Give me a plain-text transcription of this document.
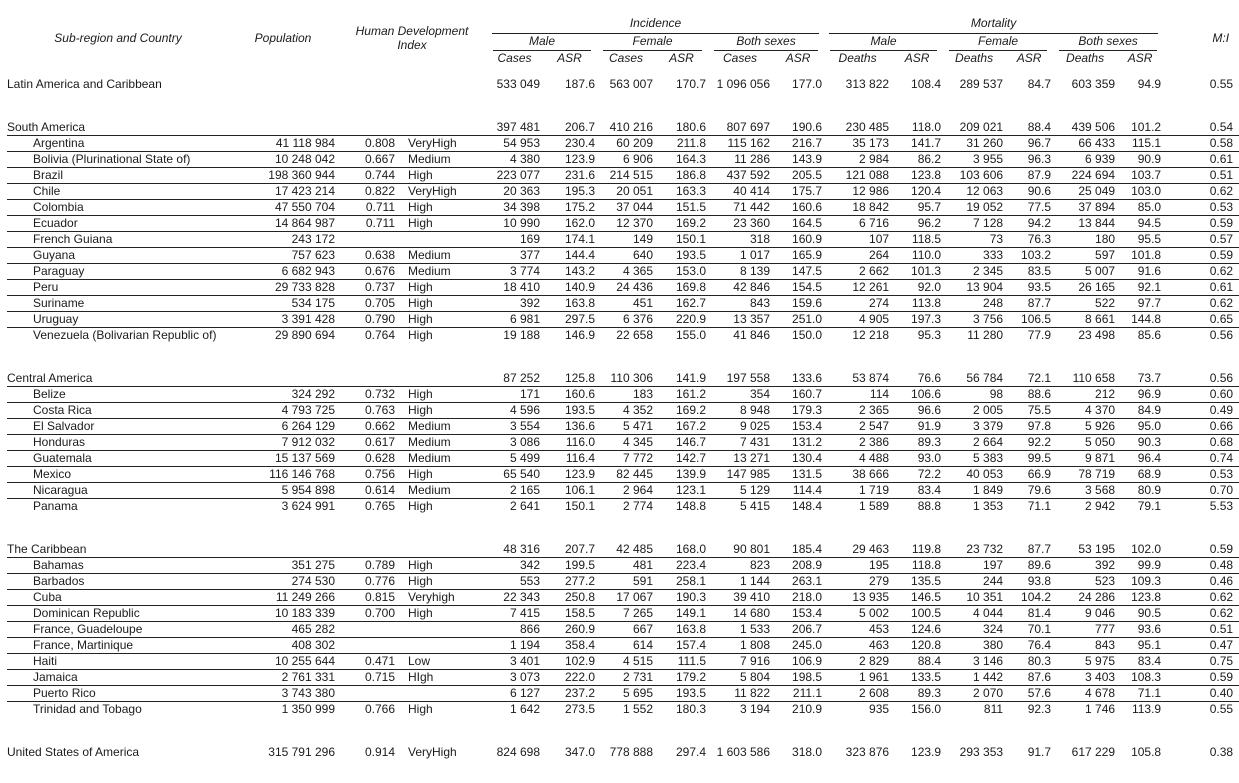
Sub-region and Country	Population	Human Development Index		Incidence						Mortality						M:I

				Male		Female		Both sexes		Male		Female		Both sexes		

				Cases	ASR	Cases	ASR	Cases	ASR	Deaths	ASR	Deaths	ASR	Deaths	ASR	
Latin America and Caribbean				533 049	187.6	563 007	170.7	1 096 056	177.0	313 822	108.4	289 537	84.7	603 359	94.9	0.55

South America				397 481	206.7	410 216	180.6	807 697	190.6	230 485	118.0	209 021	88.4	439 506	101.2	0.54
Argentina	41 118 984	0.808	VeryHigh	54 953	230.4	60 209	211.8	115 162	216.7	35 173	141.7	31 260	96.7	66 433	115.1	0.58
Bolivia (Plurinational State of)	10 248 042	0.667	Medium	4 380	123.9	6 906	164.3	11 286	143.9	2 984	86.2	3 955	96.3	6 939	90.9	0.61
Brazil	198 360 944	0.744	High	223 077	231.6	214 515	186.8	437 592	205.5	121 088	123.8	103 606	87.9	224 694	103.7	0.51
Chile	17 423 214	0.822	VeryHigh	20 363	195.3	20 051	163.3	40 414	175.7	12 986	120.4	12 063	90.6	25 049	103.0	0.62
Colombia	47 550 704	0.711	High	34 398	175.2	37 044	151.5	71 442	160.6	18 842	95.7	19 052	77.5	37 894	85.0	0.53
Ecuador	14 864 987	0.711	High	10 990	162.0	12 370	169.2	23 360	164.5	6 716	96.2	7 128	94.2	13 844	94.5	0.59
French Guiana	243 172			169	174.1	149	150.1	318	160.9	107	118.5	73	76.3	180	95.5	0.57
Guyana	757 623	0.638	Medium	377	144.4	640	193.5	1 017	165.9	264	110.0	333	103.2	597	101.8	0.59
Paraguay	6 682 943	0.676	Medium	3 774	143.2	4 365	153.0	8 139	147.5	2 662	101.3	2 345	83.5	5 007	91.6	0.62
Peru	29 733 828	0.737	High	18 410	140.9	24 436	169.8	42 846	154.5	12 261	92.0	13 904	93.5	26 165	92.1	0.61
Suriname	534 175	0.705	High	392	163.8	451	162.7	843	159.6	274	113.8	248	87.7	522	97.7	0.62
Uruguay	3 391 428	0.790	High	6 981	297.5	6 376	220.9	13 357	251.0	4 905	197.3	3 756	106.5	8 661	144.8	0.65
Venezuela (Bolivarian Republic of)	29 890 694	0.764	High	19 188	146.9	22 658	155.0	41 846	150.0	12 218	95.3	11 280	77.9	23 498	85.6	0.56

Central America				87 252	125.8	110 306	141.9	197 558	133.6	53 874	76.6	56 784	72.1	110 658	73.7	0.56
Belize	324 292	0.732	High	171	160.6	183	161.2	354	160.7	114	106.6	98	88.6	212	96.9	0.60
Costa Rica	4 793 725	0.763	High	4 596	193.5	4 352	169.2	8 948	179.3	2 365	96.6	2 005	75.5	4 370	84.9	0.49
El Salvador	6 264 129	0.662	Medium	3 554	136.6	5 471	167.2	9 025	153.4	2 547	91.9	3 379	97.8	5 926	95.0	0.66
Honduras	7 912 032	0.617	Medium	3 086	116.0	4 345	146.7	7 431	131.2	2 386	89.3	2 664	92.2	5 050	90.3	0.68
Guatemala	15 137 569	0.628	Medium	5 499	116.4	7 772	142.7	13 271	130.4	4 488	93.0	5 383	99.5	9 871	96.4	0.74
Mexico	116 146 768	0.756	High	65 540	123.9	82 445	139.9	147 985	131.5	38 666	72.2	40 053	66.9	78 719	68.9	0.53
Nicaragua	5 954 898	0.614	Medium	2 165	106.1	2 964	123.1	5 129	114.4	1 719	83.4	1 849	79.6	3 568	80.9	0.70
Panama	3 624 991	0.765	High	2 641	150.1	2 774	148.8	5 415	148.4	1 589	88.8	1 353	71.1	2 942	79.1	5.53

The Caribbean				48 316	207.7	42 485	168.0	90 801	185.4	29 463	119.8	23 732	87.7	53 195	102.0	0.59
Bahamas	351 275	0.789	High	342	199.5	481	223.4	823	208.9	195	118.8	197	89.6	392	99.9	0.48
Barbados	274 530	0.776	High	553	277.2	591	258.1	1 144	263.1	279	135.5	244	93.8	523	109.3	0.46
Cuba	11 249 266	0.815	Veryhigh	22 343	250.8	17 067	190.3	39 410	218.0	13 935	146.5	10 351	104.2	24 286	123.8	0.62
Dominican Republic	10 183 339	0.700	High	7 415	158.5	7 265	149.1	14 680	153.4	5 002	100.5	4 044	81.4	9 046	90.5	0.62
France, Guadeloupe	465 282			866	260.9	667	163.8	1 533	206.7	453	124.6	324	70.1	777	93.6	0.51
France, Martinique	408 302			1 194	358.4	614	157.4	1 808	245.0	463	120.8	380	76.4	843	95.1	0.47
Haiti	10 255 644	0.471	Low	3 401	102.9	4 515	111.5	7 916	106.9	2 829	88.4	3 146	80.3	5 975	83.4	0.75
Jamaica	2 761 331	0.715	HIgh	3 073	222.0	2 731	179.2	5 804	198.5	1 961	133.5	1 442	87.6	3 403	108.3	0.59
Puerto Rico	3 743 380			6 127	237.2	5 695	193.5	11 822	211.1	2 608	89.3	2 070	57.6	4 678	71.1	0.40
Trinidad and Tobago	1 350 999	0.766	High	1 642	273.5	1 552	180.3	3 194	210.9	935	156.0	811	92.3	1 746	113.9	0.55

United States of America	315 791 296	0.914	VeryHigh	824 698	347.0	778 888	297.4	1 603 586	318.0	323 876	123.9	293 353	91.7	617 229	105.8	0.38
